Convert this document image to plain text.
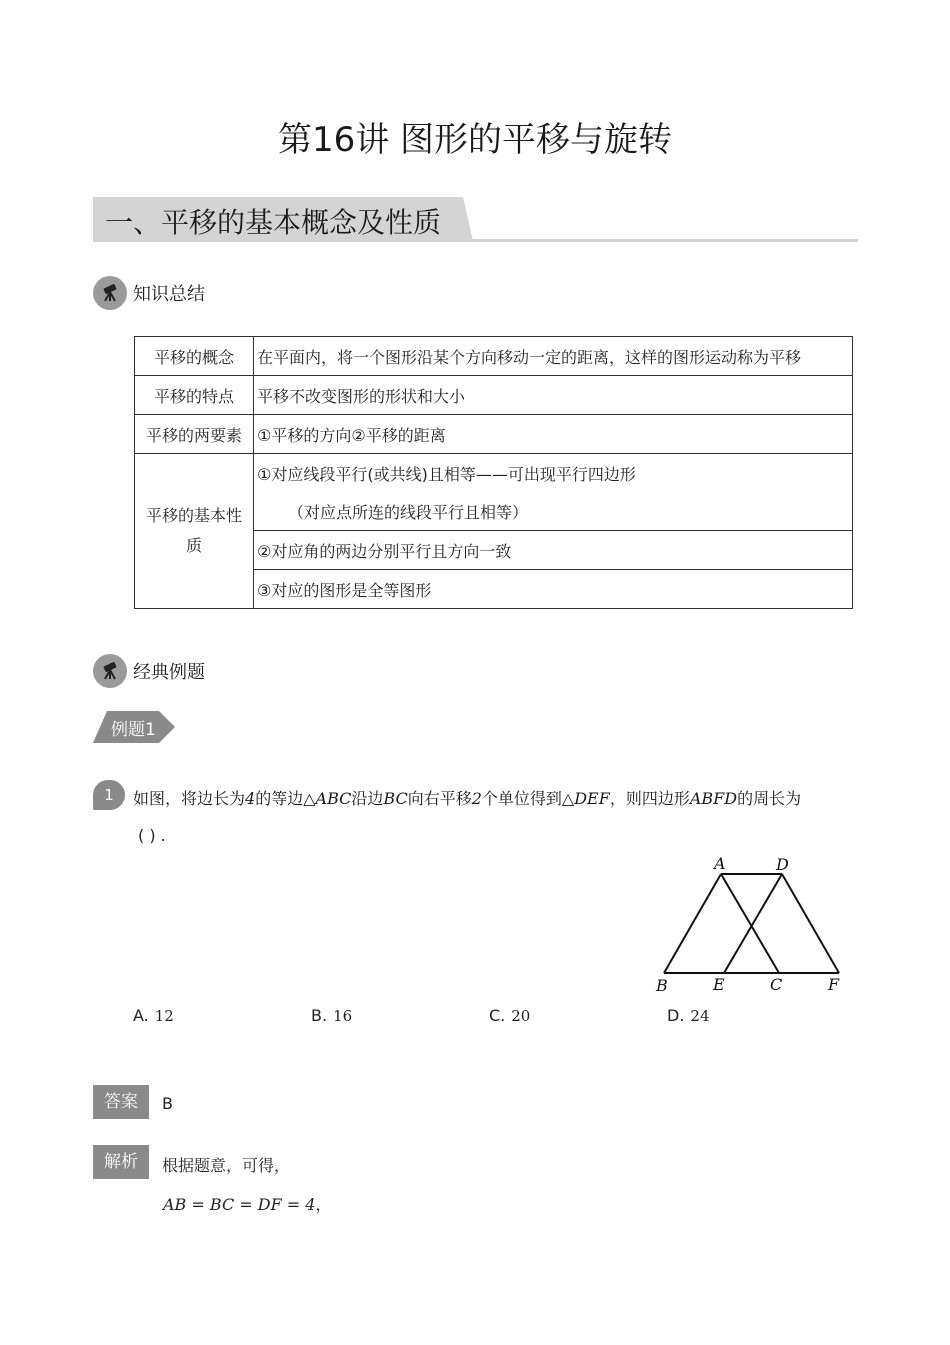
第16讲 图形的平移与旋转
一、平移的基本概念及性质
知识总结
平移的概念	在平面内，将一个图形沿某个方向移动一定的距离，这样的图形运动称为平移
平移的特点	平移不改变图形的形状和大小
平移的两要素	①平移的方向②平移的距离

平移的基本性
质	①对应线段平行(或共线)且相等——可出现平行四边形
	（对应点所连的线段平行且相等）
	②对应角的两边分别平行且方向一致
	③对应的图形是全等图形
经典例题
例题1
1	如图，将边长为4的等边△ABC沿边BC向右平移2个单位得到△DEF，则四边形ABFD的周长为
( ) .
A	D
B	E	C	F
A. 12	B. 16	C. 20	D. 24
答案	B
解析	根据题意，可得，
AB = BC = DF = 4，
